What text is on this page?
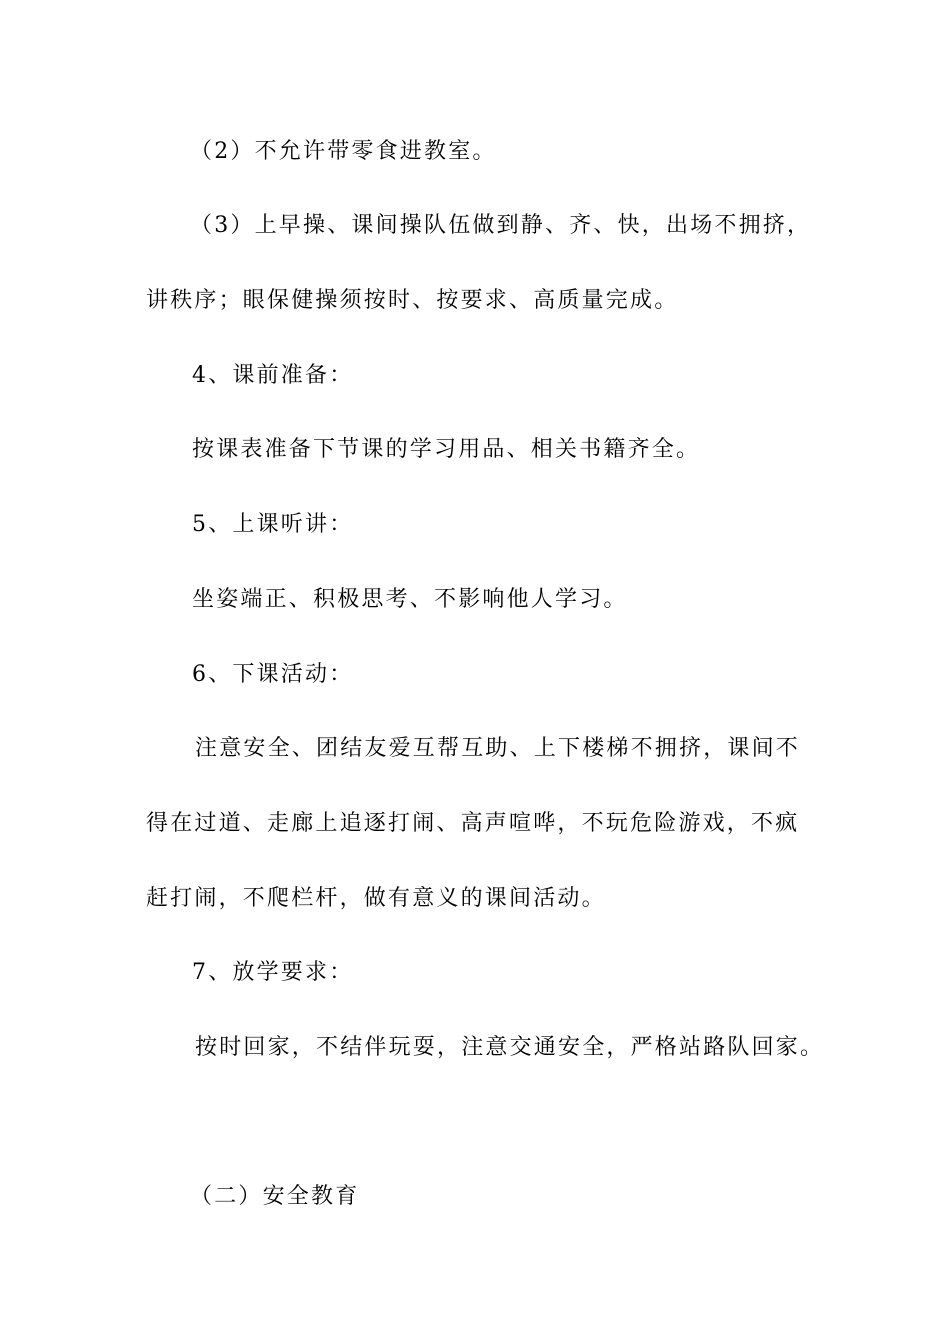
（2）不允许带零食进教室。

（3）上早操、课间操队伍做到静、齐、快，出场不拥挤，

讲秩序；眼保健操须按时、按要求、高质量完成。

4、课前准备：

按课表准备下节课的学习用品、相关书籍齐全。

5、上课听讲：

坐姿端正、积极思考、不影响他人学习。

6、下课活动：

注意安全、团结友爱互帮互助、上下楼梯不拥挤，课间不

得在过道、走廊上追逐打闹、高声喧哗，不玩危险游戏，不疯

赶打闹，不爬栏杆，做有意义的课间活动。

7、放学要求：

按时回家，不结伴玩耍，注意交通安全，严格站路队回家。

（二）安全教育
